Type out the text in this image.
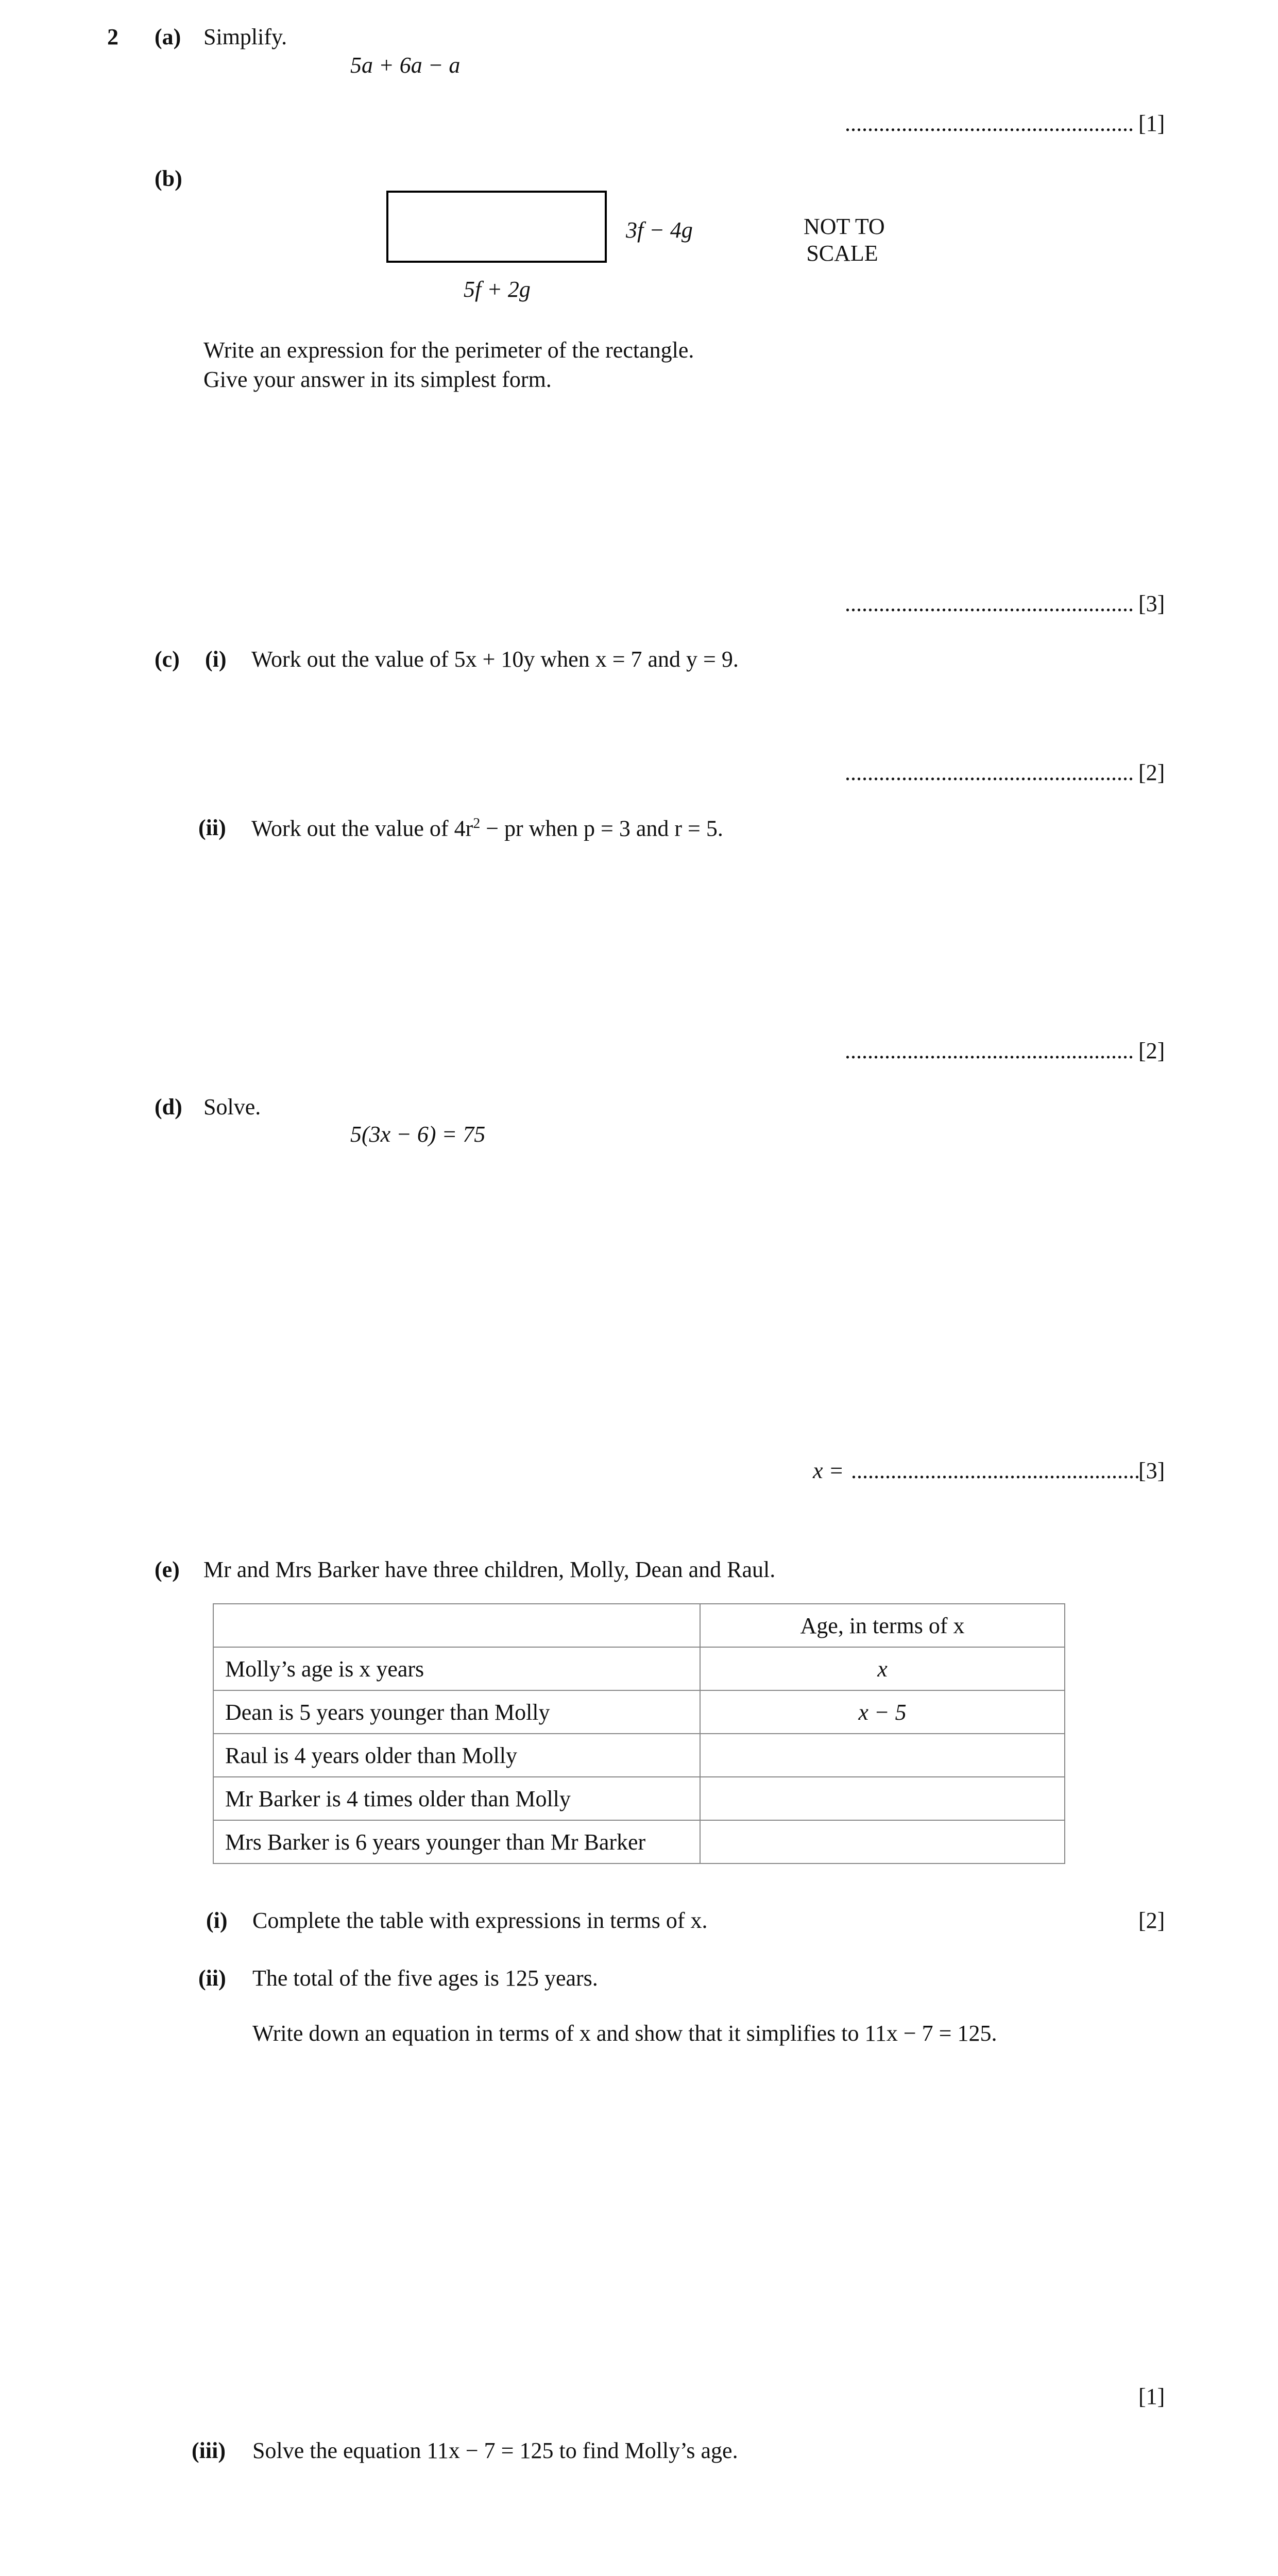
2 (a) Simplify.
5a + 6a − a
................................................... [1]
(b)
3f − 4g
5f + 2g
NOT TO
SCALE
Write an expression for the perimeter of the rectangle.
Give your answer in its simplest form.
................................................... [3]
(c) (i) Work out the value of 5x + 10y when x = 7 and y = 9.
................................................... [2]
(ii) Work out the value of $4r^2$ − pr when p = 3 and r = 5.
................................................... [2]
(d) Solve.
5(3x − 6) = 75
x = ...................................................
[3]
(e) Mr and Mrs Barker have three children, Molly, Dean and Raul.
	Age, in terms of x
Molly’s age is x years	x
Dean is 5 years younger than Molly	x − 5
Raul is 4 years older than Molly	
Mr Barker is 4 times older than Molly	
Mrs Barker is 6 years younger than Mr Barker	
(i) Complete the table with expressions in terms of x.	[2]
(ii) The total of the five ages is 125 years.
Write down an equation in terms of x and show that it simplifies to 11x − 7 = 125.
[1]
(iii) Solve the equation 11x − 7 = 125 to find Molly’s age.
